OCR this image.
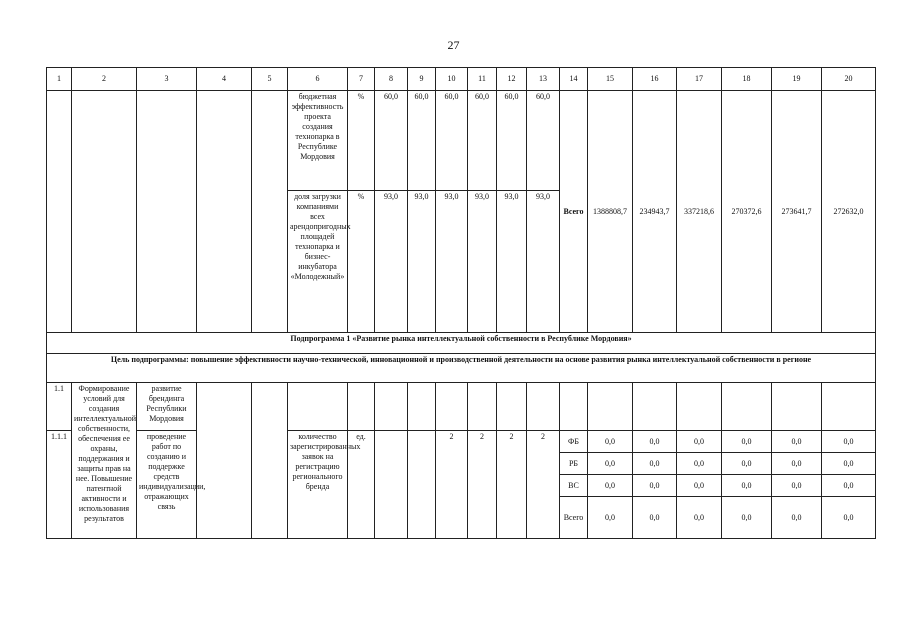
27
1	2	3	4	5	6	7	8	9	10	11	12	13	14	15	16	17	18	19	20
					бюджетная эффективность проекта создания технопарка в Республике Мордовия	%	60,0	60,0	60,0	60,0	60,0	60,0	Всего	1388808,7	234943,7	337218,6	270372,6	273641,7	272632,0
					доля загрузки компаниями всех арендопригодных площадей технопарка и бизнес-инкубатора «Молодежный»	%	93,0	93,0	93,0	93,0	93,0	93,0							
Подпрограмма 1 «Развитие рынка интеллектуальной собственности в Республике Мордовия»																			
Цель подпрограммы: повышение эффективности научно-технической, инновационной и производственной деятельности на основе развития рынка интеллектуальной собственности в регионе																			
1.1	Формирование условий для создания интеллектуальной собственности, обеспечения ее охраны, поддержания и защиты прав на нее. Повышение патентной активности и использования результатов	развитие брендинга Республики Мордовия																	
1.1.1		проведение работ по созданию и поддержке средств индивидуализации, отражающих связь			количество зарегистрированных заявок на регистрацию регионального бренда	ед.			2	2	2	2	ФБ	0,0	0,0	0,0	0,0	0,0	0,0
													РБ	0,0	0,0	0,0	0,0	0,0	0,0
													ВС	0,0	0,0	0,0	0,0	0,0	0,0
													Всего	0,0	0,0	0,0	0,0	0,0	0,0
